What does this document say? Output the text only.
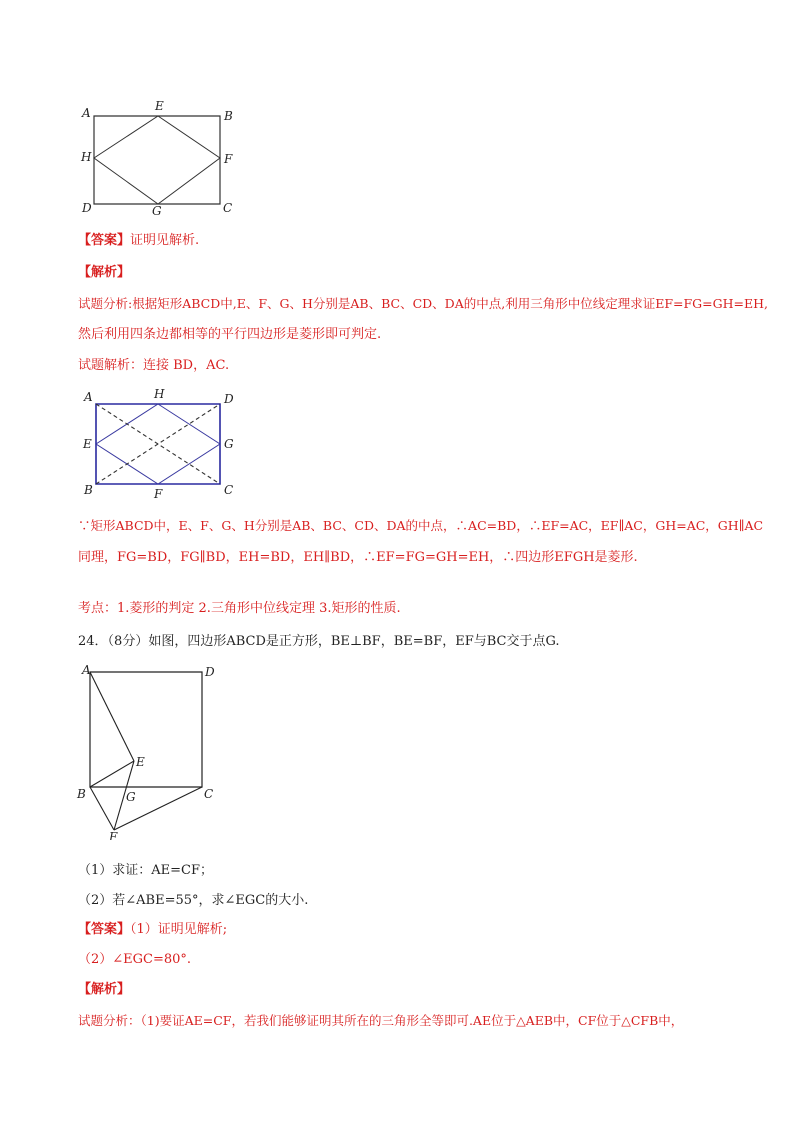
A	E
B
H	F
D	G	C
【答案】证明见解析.
【解析】
试题分析:根据矩形ABCD中,E、F、G、H分别是AB、BC、CD、DA的中点,利用三角形中位线定理求证EF=FG=GH=EH,
然后利用四条边都相等的平行四边形是菱形即可判定.
试题解析：连接 BD，AC.
A	H	D
E	G
B	F	C
∵矩形ABCD中，E、F、G、H分别是AB、BC、CD、DA的中点，∴AC=BD，∴EF=AC，EF∥AC，GH=AC，GH∥AC
同理，FG=BD，FG∥BD，EH=BD，EH∥BD，∴EF=FG=GH=EH，∴四边形EFGH是菱形.
考点：1.菱形的判定 2.三角形中位线定理 3.矩形的性质.
24．（8分）如图，四边形ABCD是正方形，BE⊥BF，BE=BF，EF与BC交于点G.
A	D
E
B	G	C
F
（1）求证：AE=CF；
（2）若∠ABE=55°，求∠EGC的大小.
【答案】（1）证明见解析;
（2）∠EGC=80°.
【解析】
试题分析：（1)要证AE=CF，若我们能够证明其所在的三角形全等即可.AE位于△AEB中，CF位于△CFB中，
